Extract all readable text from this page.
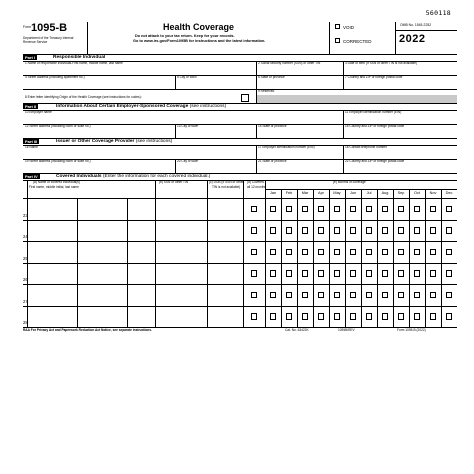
560118
Form 1095-B
Department of the Treasury Internal Revenue Service
Health Coverage
Do not attach to your tax return. Keep for your records.
Go to www.irs.gov/Form1095B for instructions and the latest information.
VOID
CORRECTED
OMB No. 1545-2252
2022
Part I	Responsible Individual
1 Name of responsible individual-First name, middle name, last name	2 Social security number (SSN) or other TIN	3 Date of birth (If SSN or other TIN is not available)
4 Street address (including apartment no.)	5 City or town	6 State or province	7 Country and ZIP or foreign postal code
8 Enter letter identifying Origin of the Health Coverage (see instructions for codes):
9 Reserved
Part II	Information About Certain Employer-Sponsored Coverage (see instructions)
10 Employer name	11 Employer identification number (EIN)
12 Street address (including room or suite no.)	13 City or town	14 State or province	15 Country and ZIP or foreign postal code
Part III	Issuer or Other Coverage Provider (see instructions)
16 Name	17 Employer identification number (EIN)	18 Contact telephone number
19 Street address (including room or suite no.)	20 City or town	21 State or province	22 Country and ZIP or foreign postal code
Part IV	Covered Individuals (Enter the information for each covered individual.)
(a) Name of covered individual(s)
First name, middle initial, last name
(b) SSN or other TIN	(c) DOB (If SSN or other
TIN is not available)
(d) Covered
all 12 months
(e) Months of coverage
Jan	Feb	Mar	Apr	May	Jun	Jul	Aug	Sep	Oct	Nov	Dec
23
24
25
26
27
28
RAA For Privacy Act and Paperwork Reduction Act Notice, see separate instructions.	Cat. No. 63422K	1095B/REV	Form 1095-B (2022)
